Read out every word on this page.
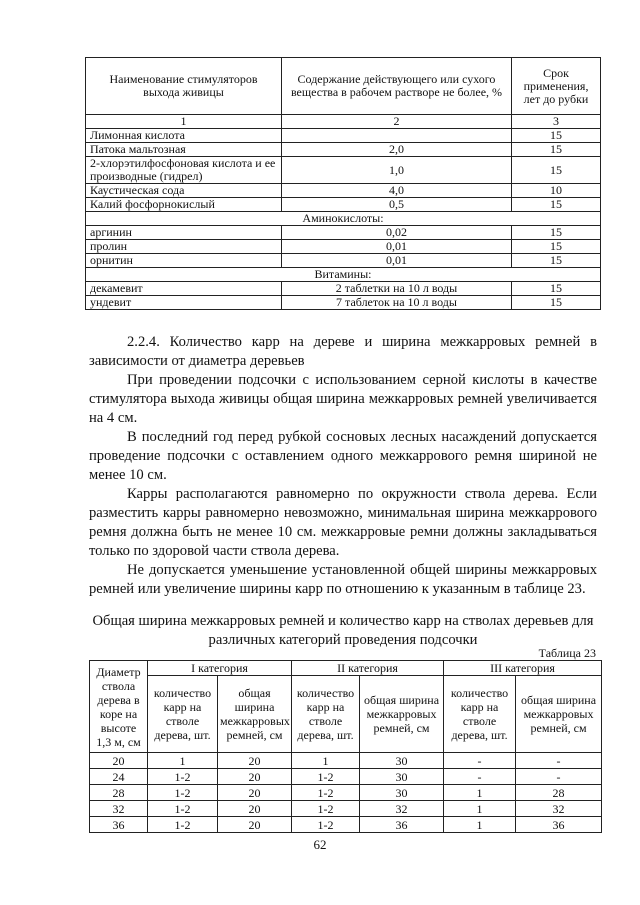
Наименование стимуляторов выхода живицы	Содержание действующего или сухого вещества в рабочем растворе не более, %	Срок применения, лет до рубки
1	2	3
Лимонная кислота		15
Патока мальтозная	2,0	15
2-хлорэтилфосфоновая кислота и ее производные (гидрел)	1,0	15
Каустическая сода	4,0	10
Калий фосфорнокислый	0,5	15
Аминокислоты:		
аргинин	0,02	15
пролин	0,01	15
орнитин	0,01	15
Витамины:		
декамевит	2 таблетки на 10 л воды	15
ундевит	7 таблеток на 10 л воды	15

2.2.4. Количество карр на дереве и ширина межкарровых ремней в зависимости от диаметра деревьев

При проведении подсочки с использованием серной кислоты в качестве стимулятора выхода живицы общая ширина межкарровых ремней увеличивается на 4 см.

В последний год перед рубкой сосновых лесных насаждений допускается проведение подсочки с оставлением одного межкаррового ремня шириной не менее 10 см.

Карры располагаются равномерно по окружности ствола дерева. Если разместить карры равномерно невозможно, минимальная ширина межкаррового ремня должна быть не менее 10 см. межкарровые ремни должны закладываться только по здоровой части ствола дерева.

Не допускается уменьшение установленной общей ширины межкарровых ремней или увеличение ширины карр по отношению к указанным в таблице 23.

Общая ширина межкарровых ремней и количество карр на стволах деревьев для различных категорий проведения подсочки
Таблица 23
Диаметр ствола дерева в коре на высоте 1,3 м, см	I категория		II категория		III категория	
	количество карр на стволе дерева, шт.	общая ширина межкарровых ремней, см	количество карр на стволе дерева, шт.	общая ширина межкарровых ремней, см	количество карр на стволе дерева, шт.	общая ширина межкарровых ремней, см
20	1	20	1	30	-	-
24	1-2	20	1-2	30	-	-
28	1-2	20	1-2	30	1	28
32	1-2	20	1-2	32	1	32
36	1-2	20	1-2	36	1	36
62
